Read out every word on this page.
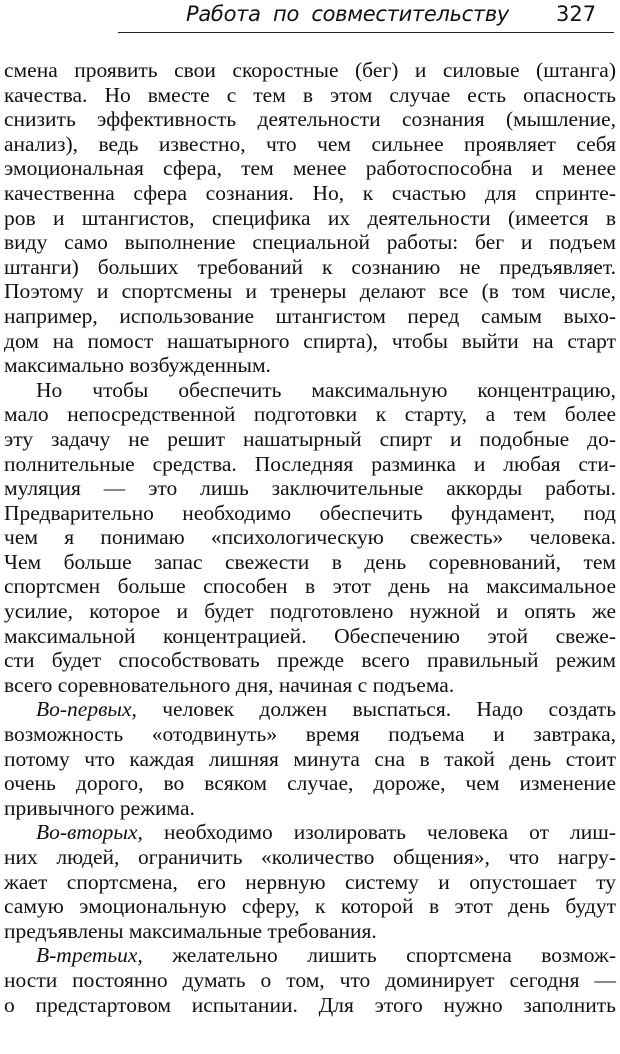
Работа по совместительству 327
смена проявить свои скоростные (бег) и силовые (штанга)
качества. Но вместе с тем в этом случае есть опасность
снизить эффективность деятельности сознания (мышление,
анализ), ведь известно, что чем сильнее проявляет себя
эмоциональная сфера, тем менее работоспособна и менее
качественна сфера сознания. Но, к счастью для спринте-
ров и штангистов, специфика их деятельности (имеется в
виду само выполнение специальной работы: бег и подъем
штанги) больших требований к сознанию не предъявляет.
Поэтому и спортсмены и тренеры делают все (в том числе,
например, использование штангистом перед самым выхо-
дом на помост нашатырного спирта), чтобы выйти на старт
максимально возбужденным.
Но чтобы обеспечить максимальную концентрацию,
мало непосредственной подготовки к старту, а тем более
эту задачу не решит нашатырный спирт и подобные до-
полнительные средства. Последняя разминка и любая сти-
муляция — это лишь заключительные аккорды работы.
Предварительно необходимо обеспечить фундамент, под
чем я понимаю «психологическую свежесть» человека.
Чем больше запас свежести в день соревнований, тем
спортсмен больше способен в этот день на максимальное
усилие, которое и будет подготовлено нужной и опять же
максимальной концентрацией. Обеспечению этой свеже-
сти будет способствовать прежде всего правильный режим
всего соревновательного дня, начиная с подъема.
Во-первых, человек должен выспаться. Надо создать
возможность «отодвинуть» время подъема и завтрака,
потому что каждая лишняя минута сна в такой день стоит
очень дорого, во всяком случае, дороже, чем изменение
привычного режима.
Во-вторых, необходимо изолировать человека от лиш-
них людей, ограничить «количество общения», что нагру-
жает спортсмена, его нервную систему и опустошает ту
самую эмоциональную сферу, к которой в этот день будут
предъявлены максимальные требования.
В-третьих, желательно лишить спортсмена возмож-
ности постоянно думать о том, что доминирует сегодня —
о предстартовом испытании. Для этого нужно заполнить
